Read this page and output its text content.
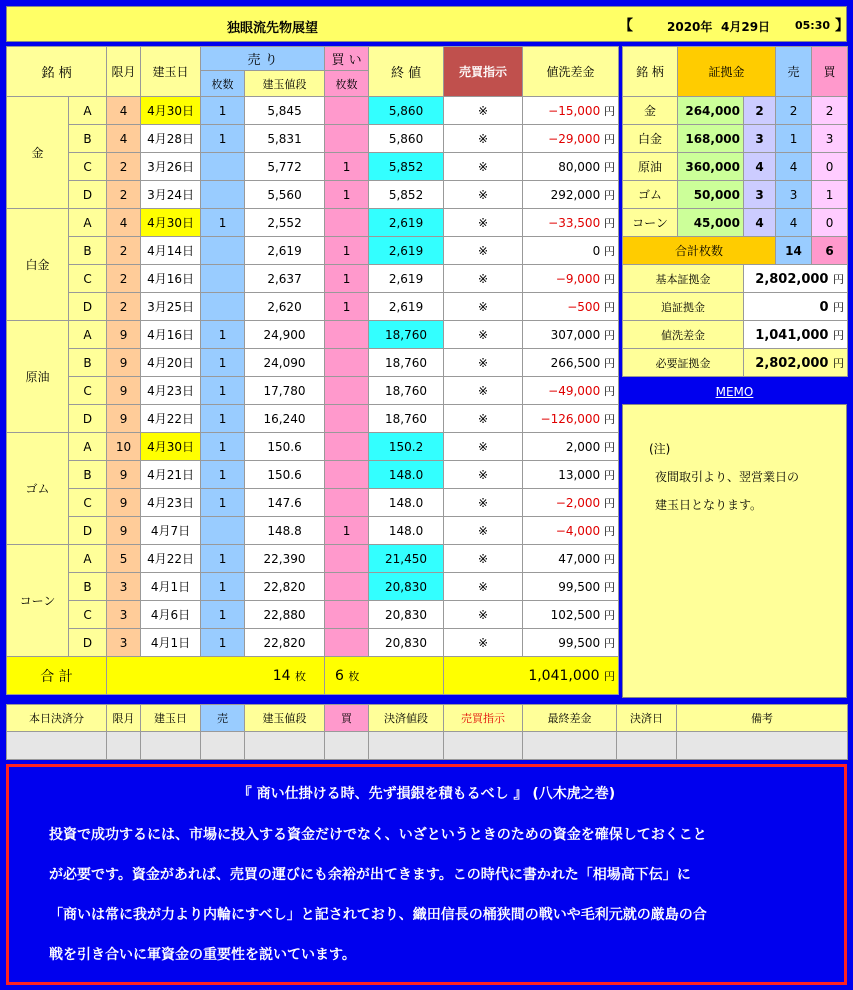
独眼流先物展望	【	2020年 4月29日 05:30 】
銘 柄		限月	建玉日	売 り		買 い	終 値	売買指示	値洗差金
				枚数	建玉値段	枚数			
金	A	4	4月30日	1	5,845		5,860	※	−15,000 円
	B	4	4月28日	1	5,831		5,860	※	−29,000 円
	C	2	3月26日		5,772	1	5,852	※	80,000 円
	D	2	3月24日		5,560	1	5,852	※	292,000 円
白金	A	4	4月30日	1	2,552		2,619	※	−33,500 円
	B	2	4月14日		2,619	1	2,619	※	0 円
	C	2	4月16日		2,637	1	2,619	※	−9,000 円
	D	2	3月25日		2,620	1	2,619	※	−500 円
原油	A	9	4月16日	1	24,900		18,760	※	307,000 円
	B	9	4月20日	1	24,090		18,760	※	266,500 円
	C	9	4月23日	1	17,780		18,760	※	−49,000 円
	D	9	4月22日	1	16,240		18,760	※	−126,000 円
ゴム	A	10	4月30日	1	150.6		150.2	※	2,000 円
	B	9	4月21日	1	150.6		148.0	※	13,000 円
	C	9	4月23日	1	147.6		148.0	※	−2,000 円
	D	9	4月7日		148.8	1	148.0	※	−4,000 円
コーン	A	5	4月22日	1	22,390		21,450	※	47,000 円
	B	3	4月1日	1	22,820		20,830	※	99,500 円
	C	3	4月6日	1	22,880		20,830	※	102,500 円
	D	3	4月1日	1	22,820		20,830	※	99,500 円
合 計		14 枚				6 枚		1,041,000 円	
銘 柄	証拠金		売	買
金	264,000	2	2	2
白金	168,000	3	1	3
原油	360,000	4	4	0
ゴム	50,000	3	3	1
コーン	45,000	4	4	0
合計枚数			14	6
基本証拠金		2,802,000 円		
追証拠金		0 円		
値洗差金		1,041,000 円		
必要証拠金		2,802,000 円		
MEMO
(注)
夜間取引より、翌営業日の
建玉日となります。
本日決済分	限月	建玉日	売	建玉値段	買	決済値段	売買指示	最終差金	決済日	備考

『 商い仕掛ける時、先ず損銀を積もるべし 』 (八木虎之巻)

投資で成功するには、市場に投入する資金だけでなく、いざというときのための資金を確保しておくこと

が必要です。資金があれば、売買の運びにも余裕が出てきます。この時代に書かれた「相場高下伝」に

「商いは常に我が力より内輪にすべし」と記されており、織田信長の桶狭間の戦いや毛利元就の厳島の合

戦を引き合いに軍資金の重要性を説いています。
